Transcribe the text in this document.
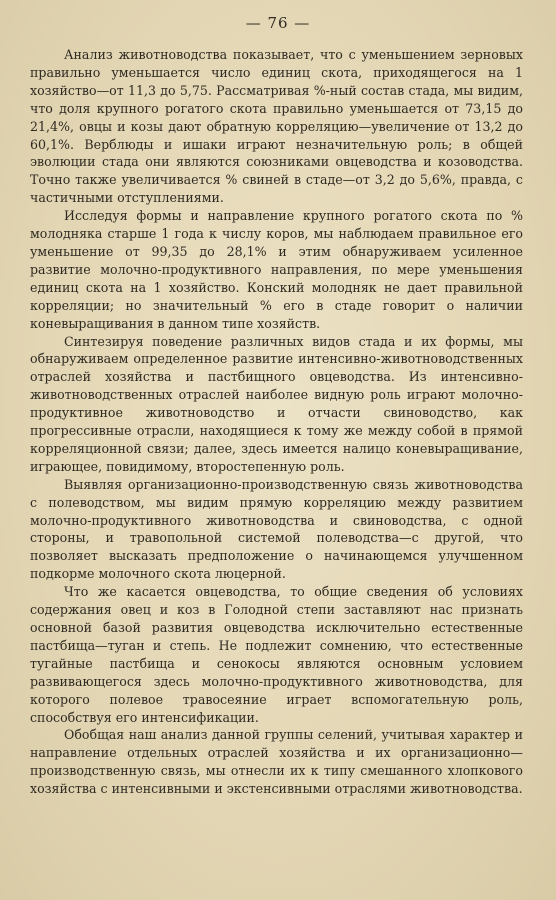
— 76 —

Анализ животноводства показывает, что с уменьшением зерновых правильно уменьшается число единиц скота, приходящегося на 1 хозяйство—от 11,3 до 5,75. Рассматривая %-ный состав стада, мы видим, что доля крупного рогатого скота правильно уменьшается от 73,15 до 21,4%, овцы и козы дают обратную корреляцию—увеличение от 13,2 до 60,1%. Верблюды и ишаки играют незначительную роль; в общей эволюции стада они являются союзниками овцеводства и козоводства. Точно также увеличивается % свиней в стаде—от 3,2 до 5,6%, правда, с частичными отступлениями.

Исследуя формы и направление крупного рогатого скота по % молодняка старше 1 года к числу коров, мы наблюдаем правильное его уменьшение от 99,35 до 28,1% и этим обнаруживаем усиленное развитие молочно-продуктивного направления, по мере уменьшения единиц скота на 1 хозяйство. Конский молодняк не дает правильной корреляции; но значительный % его в стаде говорит о наличии коневыращивания в данном типе хозяйств.

Синтезируя поведение различных видов стада и их формы, мы обнаруживаем определенное развитие интенсивно-животноводственных отраслей хозяйства и пастбищного овцеводства. Из интенсивно-животноводственных отраслей наиболее видную роль играют молочно-продуктивное животноводство и отчасти свиноводство, как прогрессивные отрасли, находящиеся к тому же между собой в прямой корреляционной связи; далее, здесь имеется налицо коневыращивание, играющее, повидимому, второстепенную роль.

Выявляя организационно-производственную связь животноводства с полеводством, мы видим прямую корреляцию между развитием молочно-продуктивного животноводства и свиноводства, с одной стороны, и травопольной системой полеводства—с другой, что позволяет высказать предположение о начинающемся улучшенном подкорме молочного скота люцерной.

Что же касается овцеводства, то общие сведения об условиях содержания овец и коз в Голодной степи заставляют нас признать основной базой развития овцеводства исключительно естественные пастбища—туган и степь. Не подлежит сомнению, что естественные тугайные пастбища и сенокосы являются основным условием развивающегося здесь молочно-продуктивного животноводства, для которого полевое травосеяние играет вспомогательную роль, способствуя его интенсификации.

Обобщая наш анализ данной группы селений, учитывая характер и направление отдельных отраслей хозяйства и их организационно—производственную связь, мы отнесли их к типу смешанного хлопкового хозяйства с интенсивными и экстенсивными отраслями животноводства.
